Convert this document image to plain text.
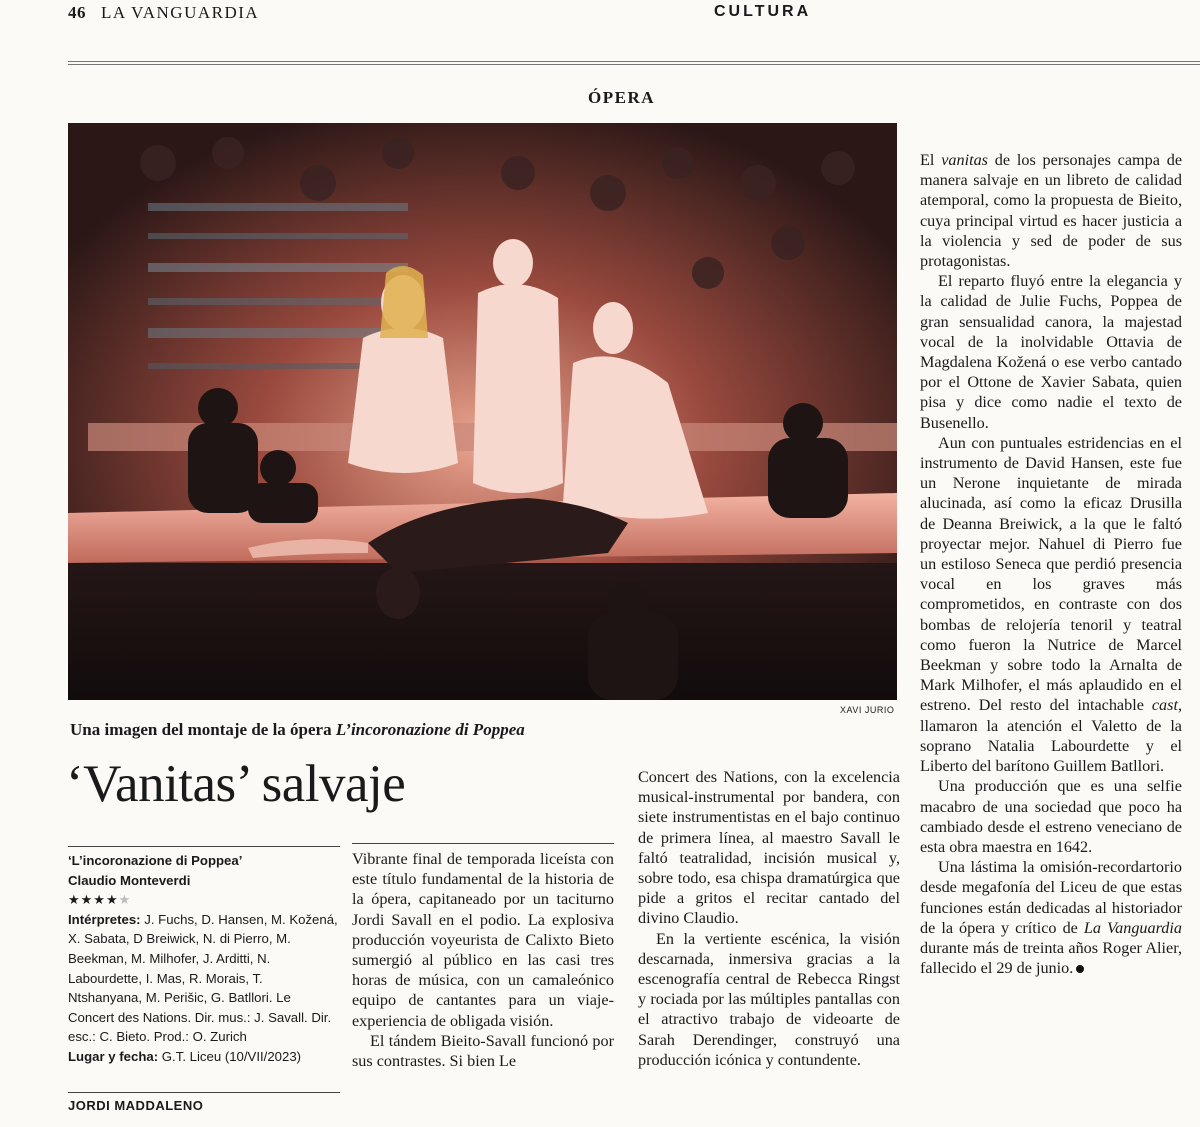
46 LA VANGUARDIA	CULTURA
ÓPERA
XAVI JURIO
Una imagen del montaje de la ópera L’incoronazione di Poppea
‘Vanitas’ salvaje
‘L’incoronazione di Poppea’
Claudio Monteverdi
★★★★★
Intérpretes: J. Fuchs, D. Hansen, M. Kožená, X. Sabata, D Breiwick, N. di Pierro, M. Beekman, M. Milhofer, J. Arditti, N. Labourdette, I. Mas, R. Morais, T. Ntshanyana, M. Perišic, G. Batllori. Le Concert des Nations. Dir. mus.: J. Savall. Dir. esc.: C. Bieto. Prod.: O. Zurich
Lugar y fecha: G.T. Liceu (10/VII/2023)
JORDI MADDALENO

Vibrante final de temporada liceísta con este título fundamental de la historia de la ópera, capitaneado por un taciturno Jordi Savall en el podio. La explosiva producción voyeurista de Calixto Bieto sumergió al público en las casi tres horas de música, con un camaleónico equipo de cantantes para un viaje-experiencia de obligada visión.

El tándem Bieito-Savall funcionó por sus contrastes. Si bien Le

Concert des Nations, con la excelencia musical-instrumental por bandera, con siete instrumentistas en el bajo continuo de primera línea, al maestro Savall le faltó teatralidad, incisión musical y, sobre todo, esa chispa dramatúrgica que pide a gritos el recitar cantado del divino Claudio.

En la vertiente escénica, la visión descarnada, inmersiva gracias a la escenografía central de Rebecca Ringst y rociada por las múltiples pantallas con el atractivo trabajo de videoarte de Sarah Derendinger, construyó una producción icónica y contundente.

El vanitas de los personajes campa de manera salvaje en un libreto de calidad atemporal, como la propuesta de Bieito, cuya principal virtud es hacer justicia a la violencia y sed de poder de sus protagonistas.

El reparto fluyó entre la elegancia y la calidad de Julie Fuchs, Poppea de gran sensualidad canora, la majestad vocal de la inolvidable Ottavia de Magdalena Kožená o ese verbo cantado por el Ottone de Xavier Sabata, quien pisa y dice como nadie el texto de Busenello.

Aun con puntuales estridencias en el instrumento de David Hansen, este fue un Nerone inquietante de mirada alucinada, así como la eficaz Drusilla de Deanna Breiwick, a la que le faltó proyectar mejor. Nahuel di Pierro fue un estiloso Seneca que perdió presencia vocal en los graves más comprometidos, en contraste con dos bombas de relojería tenoril y teatral como fueron la Nutrice de Marcel Beekman y sobre todo la Arnalta de Mark Milhofer, el más aplaudido en el estreno. Del resto del intachable cast, llamaron la atención el Valetto de la soprano Natalia Labourdette y el Liberto del barítono Guillem Batllori.

Una producción que es una selfie macabro de una sociedad que poco ha cambiado desde el estreno veneciano de esta obra maestra en 1642.

Una lástima la omisión-recordartorio desde megafonía del Liceu de que estas funciones están dedicadas al historiador de la ópera y crítico de La Vanguardia durante más de treinta años Roger Alier, fallecido el 29 de junio.
